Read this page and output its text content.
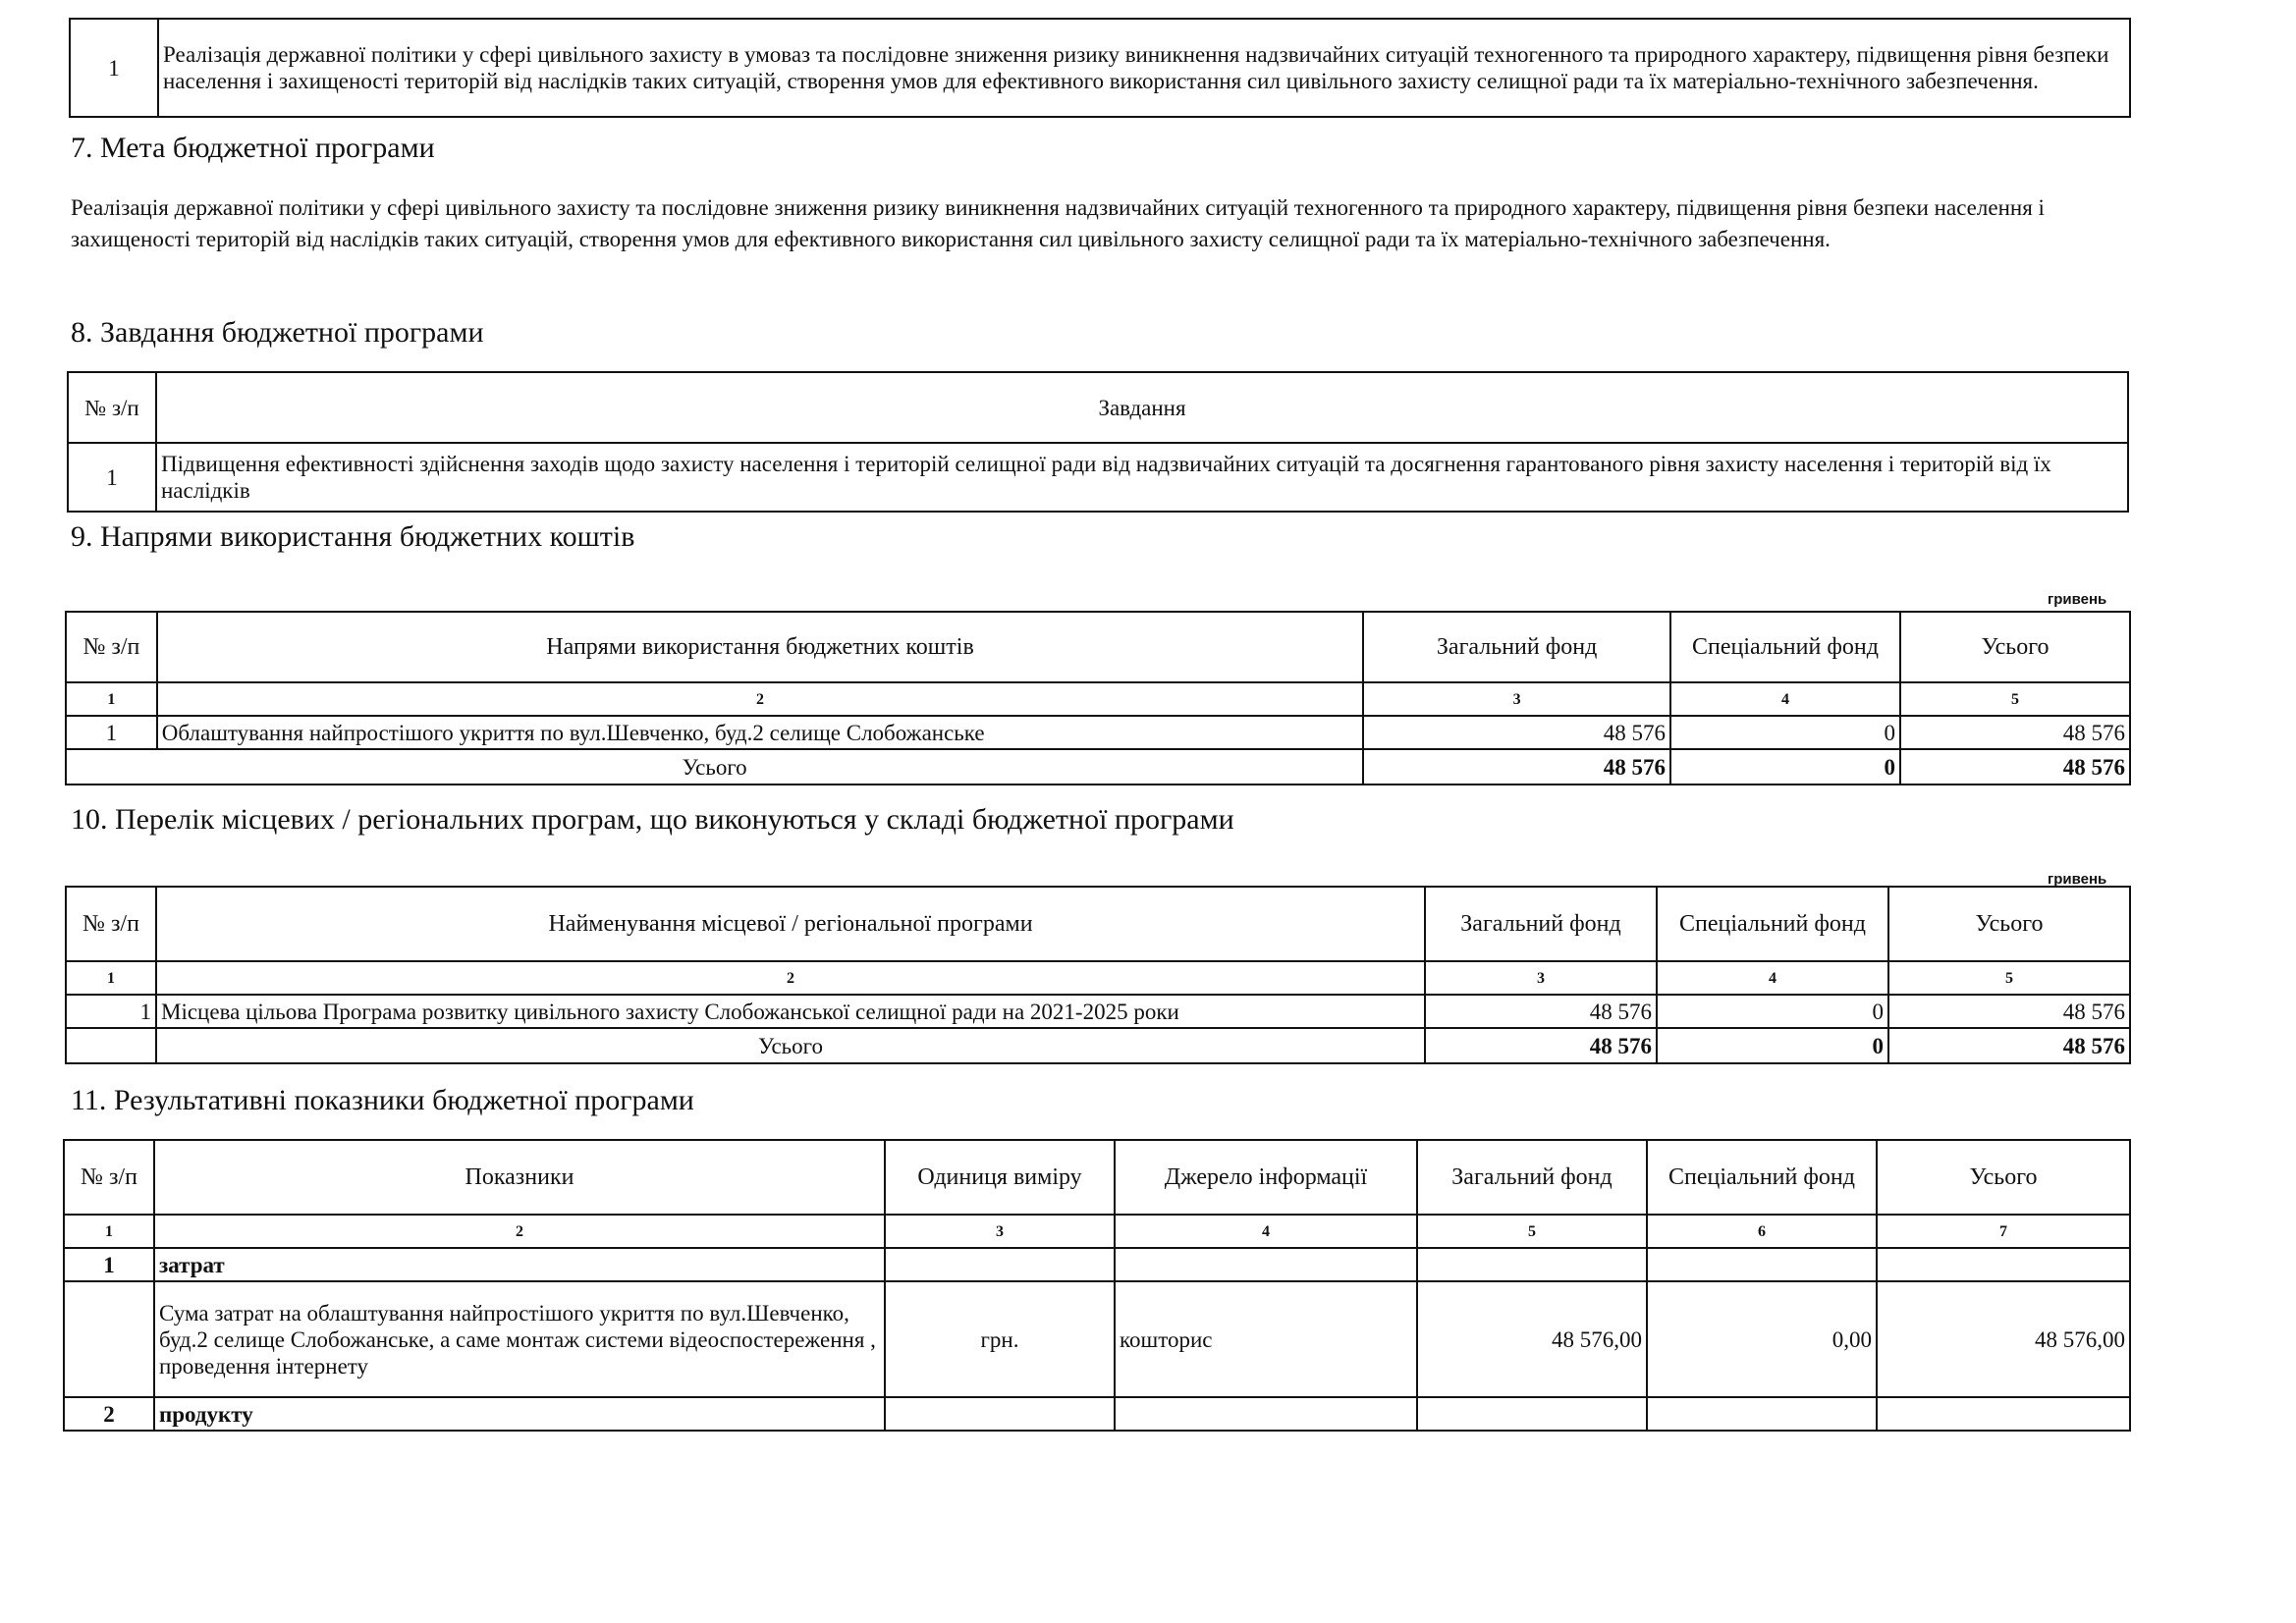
1	Реалізація державної політики у сфері цивільного захисту в умоваз та послідовне зниження ризику виникнення надзвичайних ситуацій техногенного та природного характеру, підвищення рівня безпеки населення і захищеності територій від наслідків таких ситуацій, створення умов для ефективного використання сил цивільного захисту селищної ради та їх матеріально-технічного забезпечення.
7. Мета бюджетної програми
Реалізація державної політики у сфері цивільного захисту та послідовне зниження ризику виникнення надзвичайних ситуацій техногенного та природного характеру, підвищення рівня безпеки населення і захищеності територій від наслідків таких ситуацій, створення умов для ефективного використання сил цивільного захисту селищної ради та їх матеріально-технічного забезпечення.
8. Завдання бюджетної програми
№ з/п	Завдання
1	Підвищення ефективності здійснення заходів щодо захисту населення і територій селищної ради від надзвичайних ситуацій та досягнення гарантованого рівня захисту населення і територій від їх наслідків
9. Напрями використання бюджетних коштів
гривень
№ з/п	Напрями використання бюджетних коштів	Загальний фонд	Спеціальний фонд	Усього
1	2	3	4	5
1	Облаштування найпростішого укриття по вул.Шевченко, буд.2 селище Слобожанське	48 576	0	48 576
Усього		48 576	0	48 576
10. Перелік місцевих / регіональних програм, що виконуються у складі бюджетної програми
гривень
№ з/п	Найменування місцевої / регіональної програми	Загальний фонд	Спеціальний фонд	Усього
1	2	3	4	5
1	Місцева цільова Програма розвитку цивільного захисту Слобожанської селищної ради на 2021-2025 роки	48 576	0	48 576
	Усього	48 576	0	48 576
11. Результативні показники бюджетної програми
№ з/п	Показники	Одиниця виміру	Джерело інформації	Загальний фонд	Спеціальний фонд	Усього
1	2	3	4	5	6	7
1	затрат					
	Сума затрат на облаштування найпростішого укриття по вул.Шевченко, буд.2 селище Слобожанське, а саме монтаж системи відеоспостереження , проведення інтернету	грн.	кошторис	48 576,00	0,00	48 576,00
2	продукту					
